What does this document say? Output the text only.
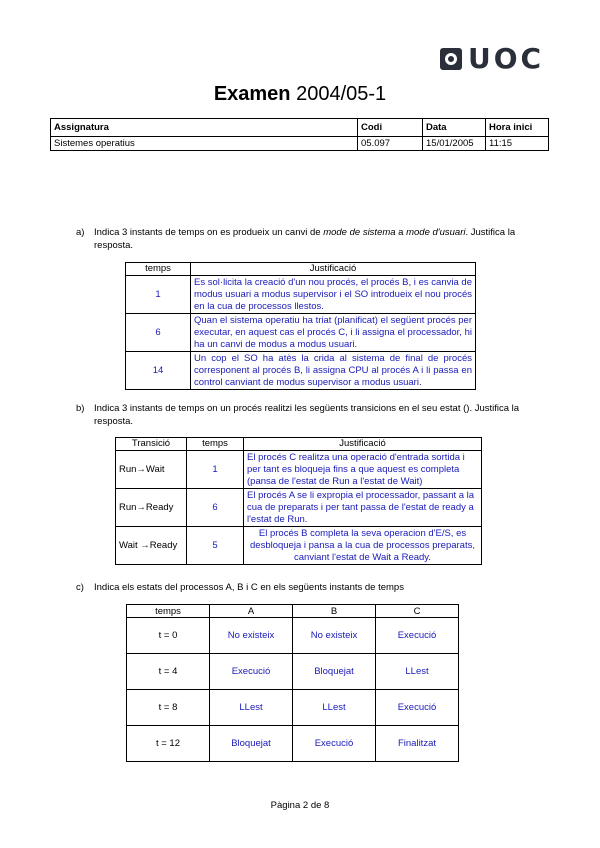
UOC
Examen 2004/05-1
Assignatura	Codi	Data	Hora inici
Sistemes operatius	05.097	15/01/2005	11:15
a) Indica 3 instants de temps on es produeix un canvi de mode de sistema a mode d'usuari. Justifica la resposta.
temps	Justificació
1	Es sol·licita la creació d'un nou procés, el procés B, i es canvia de modus usuari a modus supervisor i el SO introdueix el nou procés en la cua de processos llestos.
6	Quan el sistema operatiu ha triat (planificat) el següent procés per executar, en aquest cas el procés C, i li assigna el processador, hi ha un canvi de modus a modus usuari.
14	Un cop el SO ha atès la crida al sistema de final de procés corresponent al procés B, li assigna CPU al procés A i li passa en control canviant de modus supervisor a modus usuari.
b) Indica 3 instants de temps on un procés realitzi les següents transicions en el seu estat (). Justifica la resposta.
Transició	temps	Justificació
Run→Wait	1	El procés C realitza una operació d'entrada sortida i per tant es bloqueja fins a que aquest es completa (pansa de l'estat de Run a l'estat de Wait)
Run→Ready	6	El procés A se li expropia el processador, passant a la cua de preparats i per tant passa de l'estat de ready a l'estat de Run.
Wait →Ready	5	El procés B completa la seva operacion d'E/S, es desbloqueja i pansa a la cua de processos preparats, canviant l'estat de Wait a Ready.
c) Indica els estats del processos A, B i C en els següents instants de temps
temps	A	B	C
t = 0	No existeix	No existeix	Execució
t = 4	Execució	Bloquejat	LLest
t = 8	LLest	LLest	Execució
t = 12	Bloquejat	Execució	Finalitzat
Pàgina 2 de 8
